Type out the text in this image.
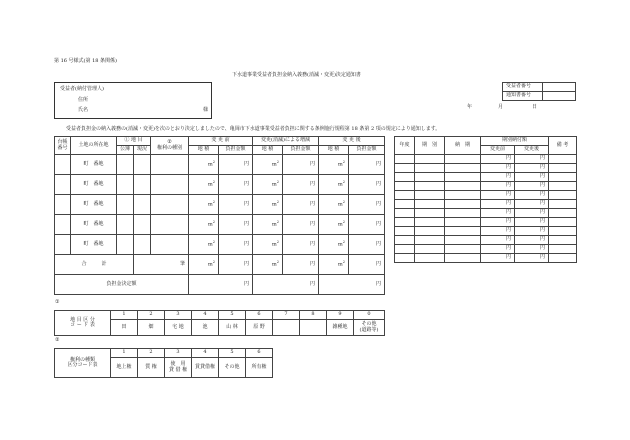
第 16 号様式(第 18 条関係)
下水道事業受益者負担金納入義務(消滅・変更)決定通知書
受益者(納付管理人)
住所
氏名	様
受益者番号	
通知書番号	
年	月	日
受益者負担金の納入義務の(消滅・変更)を次のとおり決定しましたので、亀岡市下水道事業受益者負担に関する条例施行規程第 18 条第 2 項の規定により通知します。
台帳
番号	土地の所在地	① 地 目		②
権利の種別	変 更 前		変更(消滅)による増減		変 更 後	
		公簿	現況		地 積	負担金額	地 積	負担金額	地 積	負担金額
	町　番地				$m^2$	円	$m^2$	円	$m^2$	円
	町　番地				$m^2$	円	$m^2$	円	$m^2$	円
	町　番地				$m^2$	円	$m^2$	円	$m^2$	円
	町　番地				$m^2$	円	$m^2$	円	$m^2$	円
	町　番地				$m^2$	円	$m^2$	円	$m^2$	円
合　　　計			筆		$m^2$	円	$m^2$	円	$m^2$	円
負担金決定額					円		円		円	
年度	期　別	納　期	期別納付額		備 考
			変更前	変更後	
			円	円	
			円	円	
			円	円	
			円	円	
			円	円	
			円	円	
			円	円	
			円	円	
			円	円	
			円	円	
			円	円	
			円	円	
①
地 目 区 分
コ ー ド 表	1	2	3	4	5	6	7	8	9	0
	田	畑	宅 地	池	山 林	原 野			雑種地	その他
(道路等)
②
権利の種類
区分コード表	1	2	3	4	5	6
	地上権	質 権	使　用
貸 借 権	賃貸借権	その他	所有権
